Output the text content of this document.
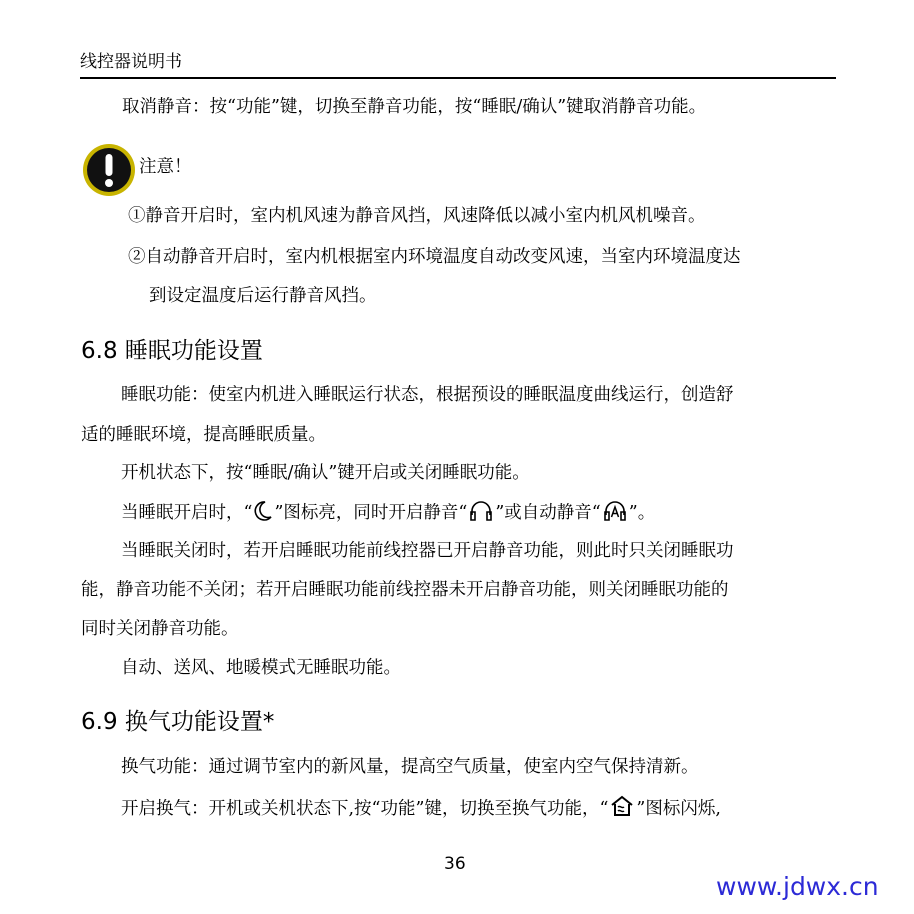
线控器说明书
取消静音：按“功能”键，切换至静音功能，按“睡眠/确认”键取消静音功能。
注意！
①静音开启时，室内机风速为静音风挡，风速降低以减小室内机风机噪音。
②自动静音开启时，室内机根据室内环境温度自动改变风速，当室内环境温度达
到设定温度后运行静音风挡。
6.8 睡眠功能设置
睡眠功能：使室内机进入睡眠运行状态，根据预设的睡眠温度曲线运行，创造舒
适的睡眠环境，提高睡眠质量。
开机状态下，按“睡眠/确认”键开启或关闭睡眠功能。
当睡眠开启时，“ ”图标亮，同时开启静音“ ”或自动静音“ ”。
当睡眠关闭时，若开启睡眠功能前线控器已开启静音功能，则此时只关闭睡眠功
能，静音功能不关闭；若开启睡眠功能前线控器未开启静音功能，则关闭睡眠功能的
同时关闭静音功能。
自动、送风、地暖模式无睡眠功能。
6.9 换气功能设置*
换气功能：通过调节室内的新风量，提高空气质量，使室内空气保持清新。
开启换气：开机或关机状态下,按“功能”键，切换至换气功能，“ ”图标闪烁,
36
www.jdwx.cn
